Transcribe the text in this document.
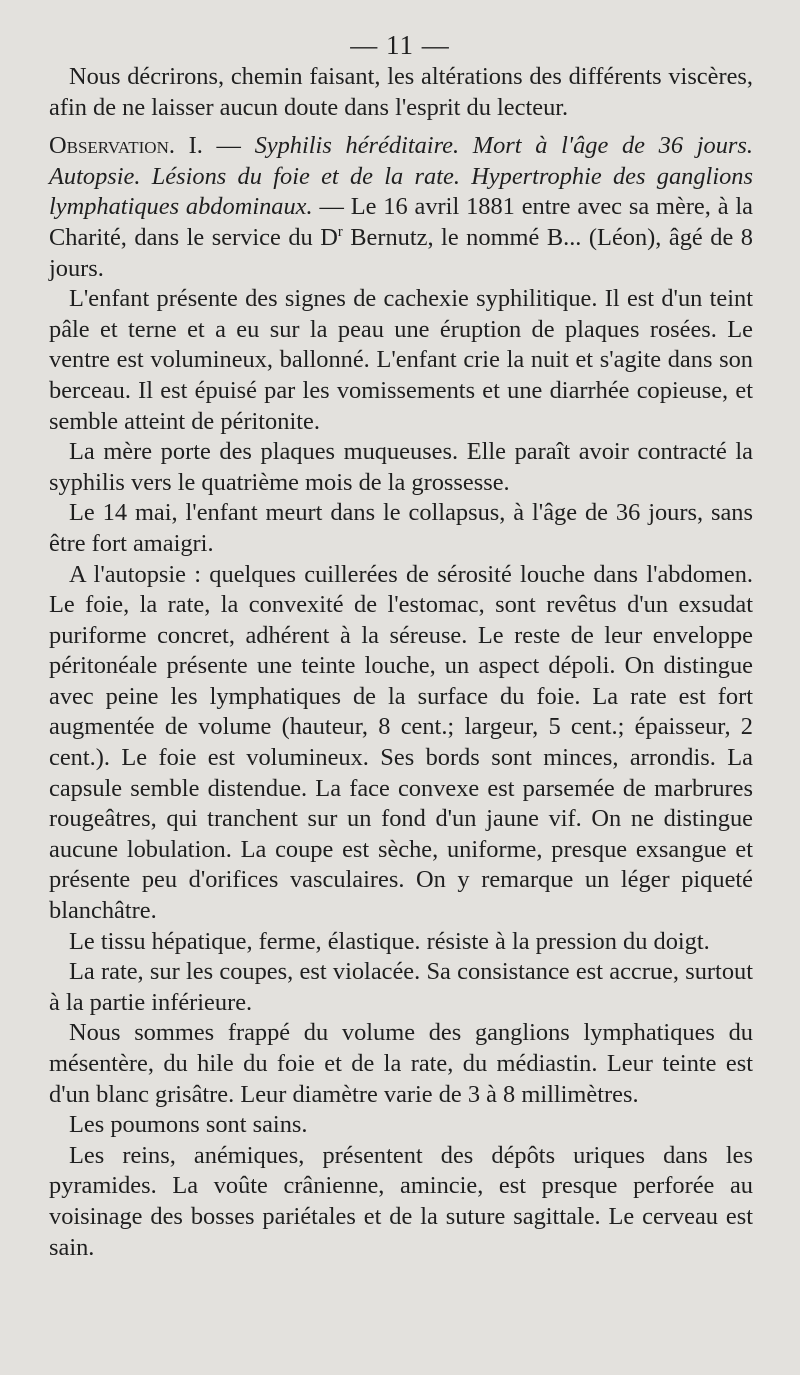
— 11 —

Nous décrirons, chemin faisant, les altérations des différents viscères, afin de ne laisser aucun doute dans l'esprit du lecteur.

Observation. I. — Syphilis héréditaire. Mort à l'âge de 36 jours. Autopsie. Lésions du foie et de la rate. Hypertrophie des ganglions lymphatiques abdominaux. — Le 16 avril 1881 entre avec sa mère, à la Charité, dans le service du $D^r$ Bernutz, le nommé B... (Léon), âgé de 8 jours.

L'enfant présente des signes de cachexie syphilitique. Il est d'un teint pâle et terne et a eu sur la peau une éruption de plaques rosées. Le ventre est volumineux, ballonné. L'enfant crie la nuit et s'agite dans son berceau. Il est épuisé par les vomissements et une diarrhée copieuse, et semble atteint de péritonite.

La mère porte des plaques muqueuses. Elle paraît avoir contracté la syphilis vers le quatrième mois de la grossesse.

Le 14 mai, l'enfant meurt dans le collapsus, à l'âge de 36 jours, sans être fort amaigri.

A l'autopsie : quelques cuillerées de sérosité louche dans l'abdomen. Le foie, la rate, la convexité de l'estomac, sont revêtus d'un exsudat puriforme concret, adhérent à la séreuse. Le reste de leur enveloppe péritonéale présente une teinte louche, un aspect dépoli. On distingue avec peine les lymphatiques de la surface du foie. La rate est fort augmentée de volume (hauteur, 8 cent.; largeur, 5 cent.; épaisseur, 2 cent.). Le foie est volumineux. Ses bords sont minces, arrondis. La capsule semble distendue. La face convexe est parsemée de marbrures rougeâtres, qui tranchent sur un fond d'un jaune vif. On ne distingue aucune lobulation. La coupe est sèche, uniforme, presque exsangue et présente peu d'orifices vasculaires. On y remarque un léger piqueté blanchâtre.

Le tissu hépatique, ferme, élastique. résiste à la pression du doigt.

La rate, sur les coupes, est violacée. Sa consistance est accrue, surtout à la partie inférieure.

Nous sommes frappé du volume des ganglions lymphatiques du mésentère, du hile du foie et de la rate, du médiastin. Leur teinte est d'un blanc grisâtre. Leur diamètre varie de 3 à 8 millimètres.

Les poumons sont sains.

Les reins, anémiques, présentent des dépôts uriques dans les pyramides. La voûte crânienne, amincie, est presque perforée au voisinage des bosses pariétales et de la suture sagittale. Le cerveau est sain.
